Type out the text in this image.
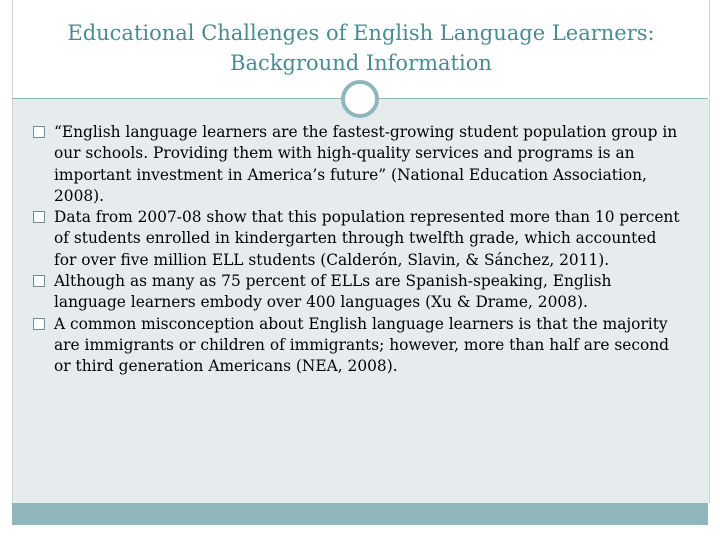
Educational Challenges of English Language Learners:
Background Information
“English language learners are the fastest-growing student population group in our schools. Providing them with high-quality services and programs is an important investment in America’s future” (National Education Association, 2008).
Data from 2007-08 show that this population represented more than 10 percent of students enrolled in kindergarten through twelfth grade, which accounted for over five million ELL students (Calderón, Slavin, & Sánchez, 2011).
Although as many as 75 percent of ELLs are Spanish-speaking, English language learners embody over 400 languages (Xu & Drame, 2008).
A common misconception about English language learners is that the majority are immigrants or children of immigrants; however, more than half are second or third generation Americans (NEA, 2008).
